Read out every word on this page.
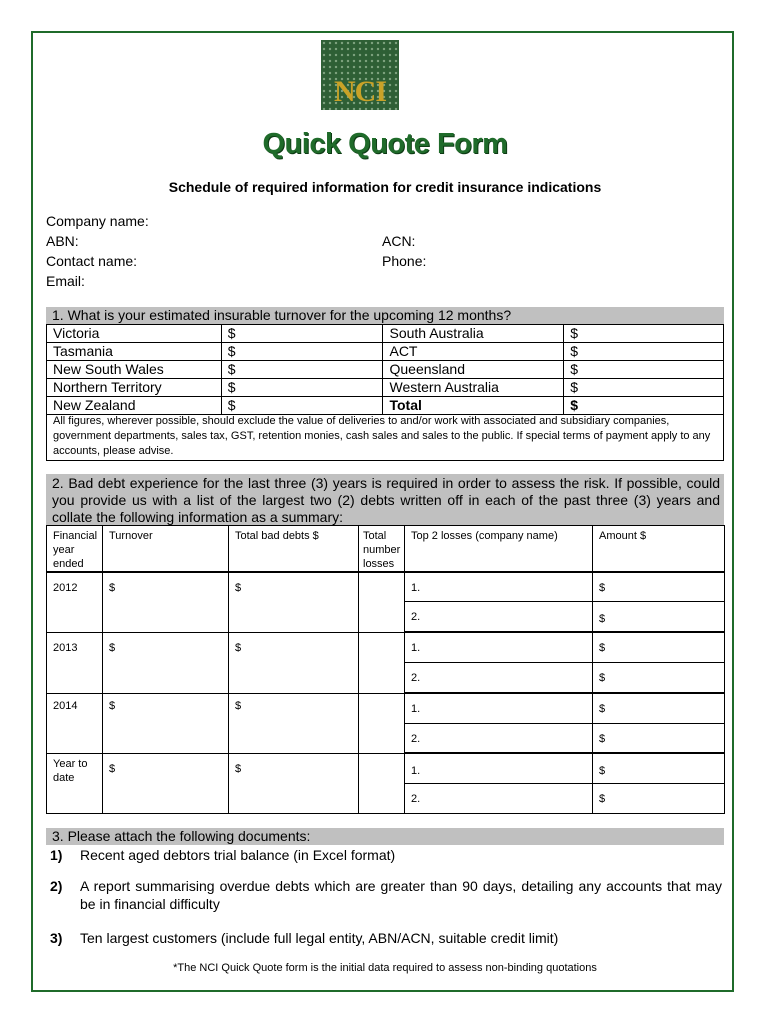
NCI
Quick Quote Form
Schedule of required information for credit insurance indications
Company name:
ABN:	ACN:
Contact name:	Phone:
Email:
1. What is your estimated insurable turnover for the upcoming 12 months?
Victoria	$	South Australia	$
Tasmania	$	ACT	$
New South Wales	$	Queensland	$
Northern Territory	$	Western Australia	$
New Zealand	$	Total	$
All figures, wherever possible, should exclude the value of deliveries to and/or work with associated and subsidiary companies, government departments, sales tax, GST, retention monies, cash sales and sales to the public. If special terms of payment apply to any accounts, please advise.
2. Bad debt experience for the last three (3) years is required in order to assess the risk. If possible, could you provide us with a list of the largest two (2) debts written off in each of the past three (3) years and collate the following information as a summary:
Financial year ended	Turnover	Total bad debts $	Total number losses	Top 2 losses (company name)	Amount $
2012	$	$		1.	$
				2.	$
2013	$	$		1.	$
				2.	$
2014	$	$		1.	$
				2.	$
Year to date	$	$		1.	$
				2.	$
3. Please attach the following documents:
1) Recent aged debtors trial balance (in Excel format)
2) A report summarising overdue debts which are greater than 90 days, detailing any accounts that may be in financial difficulty
3) Ten largest customers (include full legal entity, ABN/ACN, suitable credit limit)
*The NCI Quick Quote form is the initial data required to assess non-binding quotations
